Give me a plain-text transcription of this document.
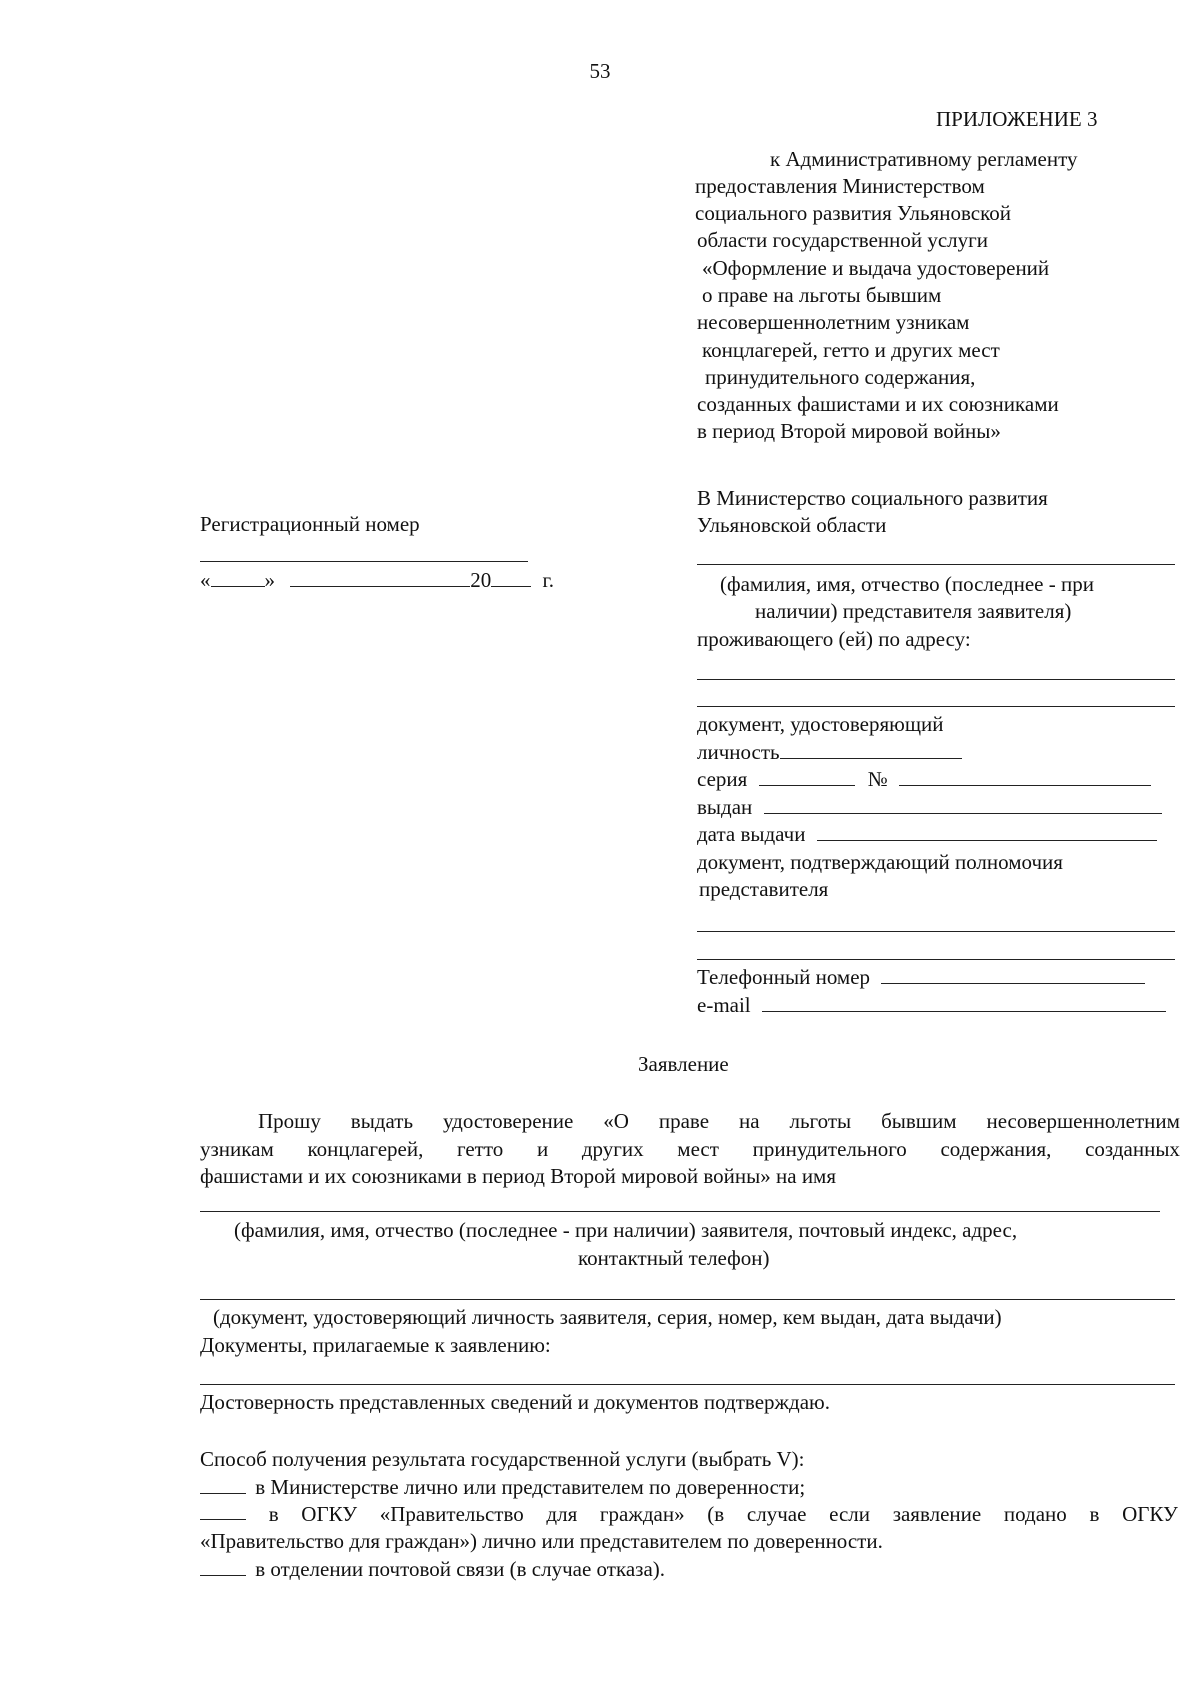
53
ПРИЛОЖЕНИЕ 3
к Административному регламенту
предоставления Министерством
социального развития Ульяновской
области государственной услуги
«Оформление и выдача удостоверений
о праве на льготы бывшим
несовершеннолетним узникам
концлагерей, гетто и других мест
принудительного содержания,
созданных фашистами и их союзниками
в период Второй мировой войны»
Регистрационный номер
«	»	20 г.
В Министерство социального развития
Ульяновской области
(фамилия, имя, отчество (последнее - при
наличии) представителя заявителя)
проживающего (ей) по адресу:
документ, удостоверяющий
личность
серия	№
выдан
дата выдачи
документ, подтверждающий полномочия
представителя
Телефонный номер
e-mail
Заявление
Прошу выдать удостоверение «О праве на льготы бывшим несовершеннолетним
узникам концлагерей, гетто и других мест принудительного содержания, созданных
фашистами и их союзниками в период Второй мировой войны» на имя
(фамилия, имя, отчество (последнее - при наличии) заявителя, почтовый индекс, адрес,
контактный телефон)
(документ, удостоверяющий личность заявителя, серия, номер, кем выдан, дата выдачи)
Документы, прилагаемые к заявлению:
Достоверность представленных сведений и документов подтверждаю.
Способ получения результата государственной услуги (выбрать V):
в Министерстве лично или представителем по доверенности;
в ОГКУ «Правительство для граждан» (в случае если заявление подано в ОГКУ
«Правительство для граждан») лично или представителем по доверенности.
в отделении почтовой связи (в случае отказа).
